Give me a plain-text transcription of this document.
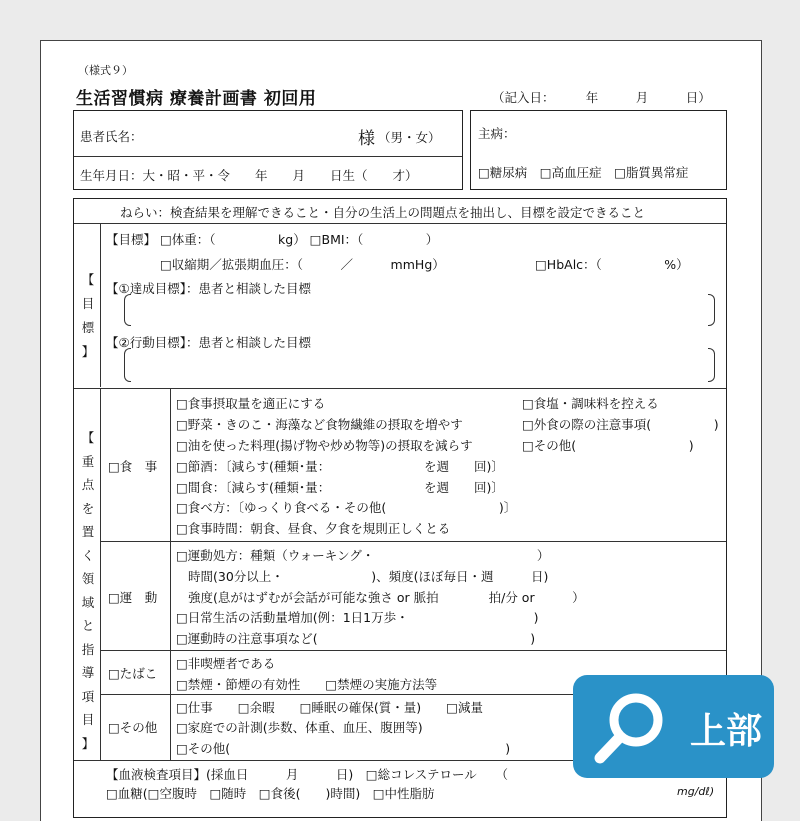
（様式９）
生活習慣病 療養計画書 初回用	（記入日：　　　年　　　月　　　日）
患者氏名：	様 （男・女）
生年月日：大・昭・平・令　　年　　月　　日生（　　才）
主病：
□糖尿病　□高血圧症　□脂質異常症
ねらい：検査結果を理解できること・自分の生活上の問題点を抽出し、目標を設定できること
【
目
標
】
【目標】 □体重：（　　　　　kg） □BMI：（　　　　　）
□収縮期／拡張期血圧：（　　　／　　　mmHg）	□HbAlc：（　　　　　%）
【①達成目標】：患者と相談した目標
【②行動目標】：患者と相談した目標
【
重
点
を
置
く
領
域
と
指
導
項
目
】
□食　事
□食事摂取量を適正にする
□野菜・きのこ・海藻など食物繊維の摂取を増やす
□油を使った料理(揚げ物や炒め物等)の摂取を減らす
□節酒：〔減らす(種類･量：　　　　　　　　を週　　回)〕
□間食：〔減らす(種類･量：　　　　　　　　を週　　回)〕
□食べ方：〔ゆっくり食べる・その他(　　　　　　　　　)〕
□食事時間：朝食、昼食、夕食を規則正しくとる
□食塩・調味料を控える
□外食の際の注意事項(　　　　　)
□その他(　　　　　　　　　)
□運　動
□運動処方：種類（ウォーキング・　　　　　　　　　　　　　）
時間(30分以上・　　　　　　　)、頻度(ほぼ毎日・週　　　日)
強度(息がはずむが会話が可能な強さ or 脈拍　　　　拍/分 or　　　）
□日常生活の活動量増加(例：1日1万歩・　　　　　　　　　　)
□運動時の注意事項など(　　　　　　　　　　　　　　　　　)
□たばこ
□非喫煙者である
□禁煙・節煙の有効性　　□禁煙の実施方法等
□その他
□仕事　　□余暇　　□睡眠の確保(質・量)　　□減量
□家庭での計測(歩数、体重、血圧、腹囲等)
□その他(　　　　　　　　　　　　　　　　　　　　　　)
【血液検査項目】(採血日　　　月　　　日)　□総コレステロール　　（
□血糖(□空腹時　□随時　□食後(　　)時間)　□中性脂肪	mg/dℓ)
上部
